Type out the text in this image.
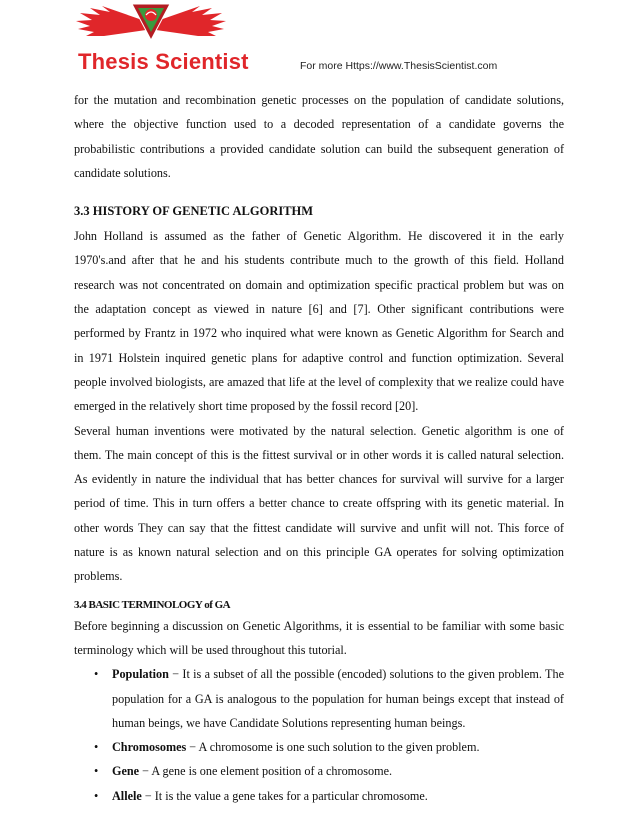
Thesis Scientist	For more Https://www.ThesisScientist.com

for the mutation and recombination genetic processes on the population of candidate solutions, where the objective function used to a decoded representation of a candidate governs the probabilistic contributions a provided candidate solution can build the subsequent generation of candidate solutions.

3.3 HISTORY OF GENETIC ALGORITHM

John Holland is assumed as the father of Genetic Algorithm. He discovered it in the early 1970's.and after that he and his students contribute much to the growth of this field. Holland research was not concentrated on domain and optimization specific practical problem but was on the adaptation concept as viewed in nature [6] and [7]. Other significant contributions were performed by Frantz in 1972 who inquired what were known as Genetic Algorithm for Search and in 1971 Holstein inquired genetic plans for adaptive control and function optimization. Several people involved biologists, are amazed that life at the level of complexity that we realize could have emerged in the relatively short time proposed by the fossil record [20].

Several human inventions were motivated by the natural selection. Genetic algorithm is one of them. The main concept of this is the fittest survival or in other words it is called natural selection. As evidently in nature the individual that has better chances for survival will survive for a larger period of time. This in turn offers a better chance to create offspring with its genetic material. In other words They can say that the fittest candidate will survive and unfit will not. This force of nature is as known natural selection and on this principle GA operates for solving optimization problems.

3.4 BASIC TERMINOLOGY of GA

Before beginning a discussion on Genetic Algorithms, it is essential to be familiar with some basic terminology which will be used throughout this tutorial.

• Population − It is a subset of all the possible (encoded) solutions to the given problem. The population for a GA is analogous to the population for human beings except that instead of human beings, we have Candidate Solutions representing human beings.

• Chromosomes − A chromosome is one such solution to the given problem.
• Gene − A gene is one element position of a chromosome.
• Allele − It is the value a gene takes for a particular chromosome.
